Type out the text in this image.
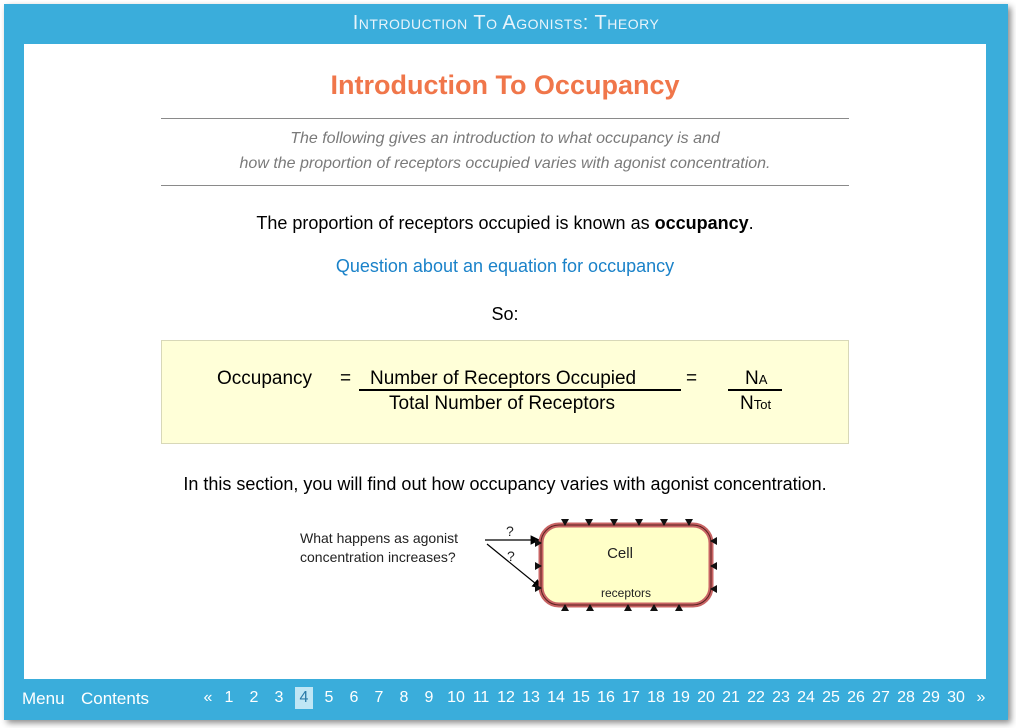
Introduction To Agonists: Theory
Introduction To Occupancy
The following gives an introduction to what occupancy is and
how the proportion of receptors occupied varies with agonist concentration.
The proportion of receptors occupied is known as occupancy.
Question about an equation for occupancy
So:
Occupancy = Number of Receptors Occupied
Total Number of Receptors
=	NA
NTot
In this section, you will find out how occupancy varies with agonist concentration.
What happens as agonist
concentration increases?
?
?	Cell
receptors
Menu Contents	« 1 2 3 4 5 6 7 8 9 10 11 12 13 14 15 16 17 18 19 20 21 22 23 24 25 26 27 28 29 30 »
